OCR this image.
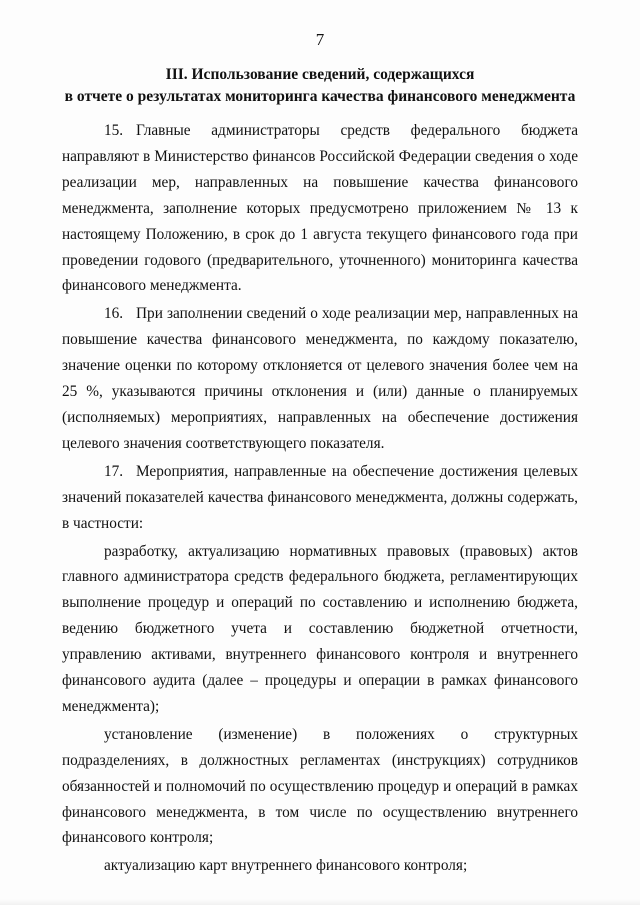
7
III. Использование сведений, содержащихся
в отчете о результатах мониторинга качества финансового менеджмента

15. Главные администраторы средств федерального бюджета направляют в Министерство финансов Российской Федерации сведения о ходе реализации мер, направленных на повышение качества финансового менеджмента, заполнение которых предусмотрено приложением № 13 к настоящему Положению, в срок до 1 августа текущего финансового года при проведении годового (предварительного, уточненного) мониторинга качества финансового менеджмента.

16. При заполнении сведений о ходе реализации мер, направленных на повышение качества финансового менеджмента, по каждому показателю, значение оценки по которому отклоняется от целевого значения более чем на 25 %, указываются причины отклонения и (или) данные о планируемых (исполняемых) мероприятиях, направленных на обеспечение достижения целевого значения соответствующего показателя.

17. Мероприятия, направленные на обеспечение достижения целевых значений показателей качества финансового менеджмента, должны содержать, в частности:

разработку, актуализацию нормативных правовых (правовых) актов главного администратора средств федерального бюджета, регламентирующих выполнение процедур и операций по составлению и исполнению бюджета, ведению бюджетного учета и составлению бюджетной отчетности, управлению активами, внутреннего финансового контроля и внутреннего финансового аудита (далее – процедуры и операции в рамках финансового менеджмента);

установление (изменение) в положениях о структурных подразделениях, в должностных регламентах (инструкциях) сотрудников обязанностей и полномочий по осуществлению процедур и операций в рамках финансового менеджмента, в том числе по осуществлению внутреннего финансового контроля;

актуализацию карт внутреннего финансового контроля;
